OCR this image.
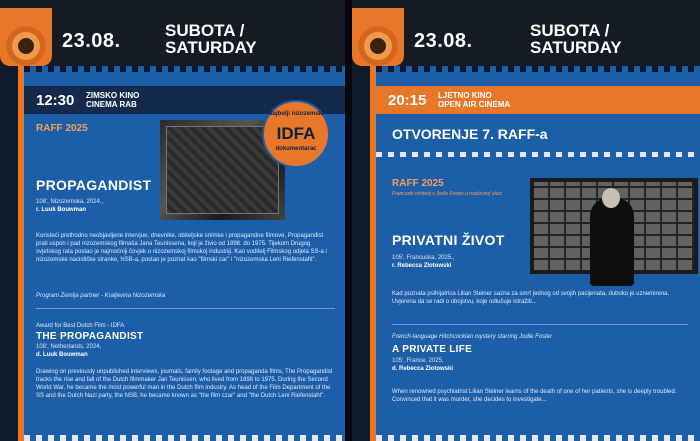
23.08.	SUBOTA /
SATURDAY
12:30 ZIMSKO KINO
CINEMA RAB
RAFF 2025
Najbolji nizozemski
IDFA
dokumentarac
PROPAGANDIST
108', Nizozemska, 2024.,
r. Luuk Bouwman
Koristeći prethodno neobjavljene intervjue, dnevnike, obiteljske snimke i propagandne filmove, Propagandist prati uspon i pad nizozemskog filmaša Jana Teunissena, koji je živio od 1898. do 1975. Tijekom Drugog svjetskog rata postao je najmoćniji čovjek u nizozemskoj filmskoj industriji. Kao voditelj Filmskog odjela SS-a i nizozemske nacističke stranke, NSB-a, postao je poznat kao "filmski car" i "nizozemska Leni Riefenstahl".
Program Zemlja partner - Kraljevina Nizozemska
Award for Best Dutch Film - IDFA
THE PROPAGANDIST
108', Netherlands, 2024,
d. Luuk Bouwman
Drawing on previously unpublished interviews, journals, family footage and propaganda films, The Propagandist tracks the rise and fall of the Dutch filmmaker Jan Teunissen, who lived from 1898 to 1975. During the Second World War, he became the most powerful man in the Dutch film industry. As head of the Film Department of the SS and the Dutch Nazi party, the NSB, he became known as "the film czar" and "the Dutch Leni Riefenstahl".
23.08.	SUBOTA /
SATURDAY
20:15 LJETNO KINO
OPEN AIR CINEMA
OTVORENJE 7. RAFF-a
RAFF 2025
Francuski misterij s Jodie Foster u naslovnoj ulozi
PRIVATNI ŽIVOT
105', Francuska, 2025.,
r. Rebecca Zlotowski
Kad poznata psihijatrica Lilian Steiner sazna za smrt jednog od svojih pacijenata, duboko je uznemirena. Uvjerena da se radi o ubojstvu, koje odlučuje istražiti...
French-language Hitchcockian mystery starring Jodie Foster
A PRIVATE LIFE
105', France, 2025,
d. Rebecca Zlotowski
When renowned psychiatrist Lilian Steiner learns of the death of one of her patients, she is deeply troubled. Convinced that it was murder, she decides to investigate...
